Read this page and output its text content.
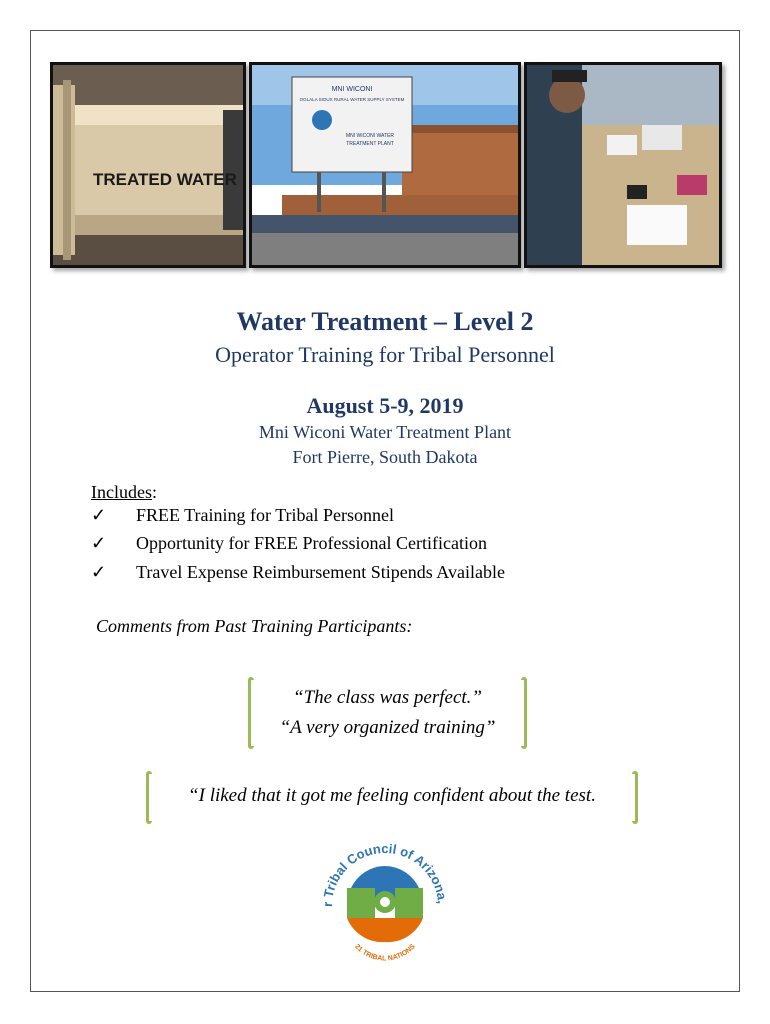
TREATED WATER
MNI WICONI
OGLALA SIOUX RURAL WATER SUPPLY SYSTEM
MNI WICONI WATER
TREATMENT PLANT
Water Treatment – Level 2
Operator Training for Tribal Personnel
August 5-9, 2019
Mni Wiconi Water Treatment Plant
Fort Pierre, South Dakota
Includes:
✓ FREE Training for Tribal Personnel
✓ Opportunity for FREE Professional Certification
✓ Travel Expense Reimbursement Stipends Available
Comments from Past Training Participants:
“The class was perfect.”
“A very organized training”
“I liked that it got me feeling confident about the test.
r Tribal Council of Arizona,
21 TRIBAL NATIONS
